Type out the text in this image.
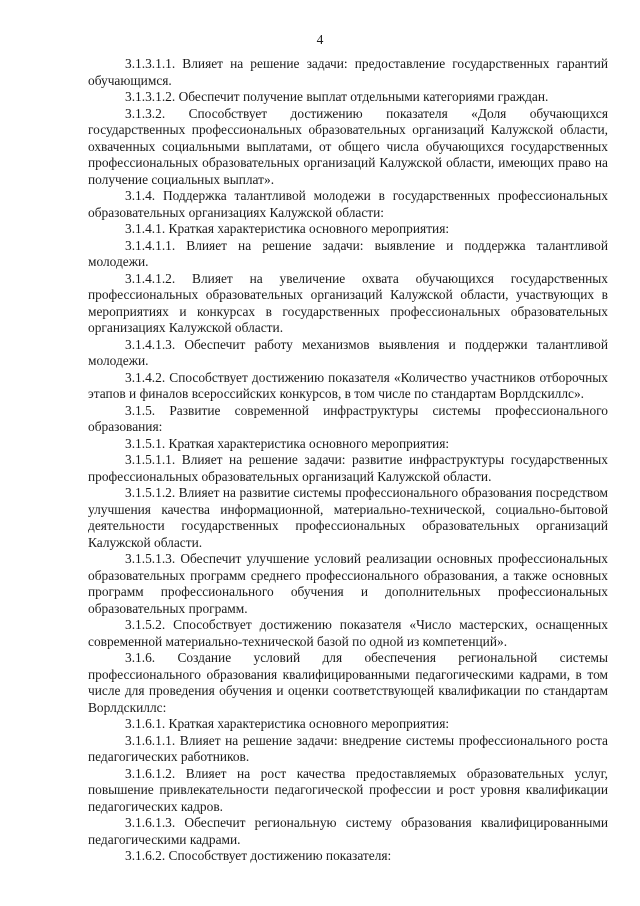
4

3.1.3.1.1. Влияет на решение задачи: предоставление государственных гарантий обучающимся.

3.1.3.1.2. Обеспечит получение выплат отдельными категориями граждан.

3.1.3.2. Способствует достижению показателя «Доля обучающихся государственных профессиональных образовательных организаций Калужской области, охваченных социальными выплатами, от общего числа обучающихся государственных профессиональных образовательных организаций Калужской области, имеющих право на получение социальных выплат».

3.1.4. Поддержка талантливой молодежи в государственных профессиональных образовательных организациях Калужской области:

3.1.4.1. Краткая характеристика основного мероприятия:

3.1.4.1.1. Влияет на решение задачи: выявление и поддержка талантливой молодежи.

3.1.4.1.2. Влияет на увеличение охвата обучающихся государственных профессиональных образовательных организаций Калужской области, участвующих в мероприятиях и конкурсах в государственных профессиональных образовательных организациях Калужской области.

3.1.4.1.3. Обеспечит работу механизмов выявления и поддержки талантливой молодежи.

3.1.4.2. Способствует достижению показателя «Количество участников отборочных этапов и финалов всероссийских конкурсов, в том числе по стандартам Ворлдскиллс».

3.1.5. Развитие современной инфраструктуры системы профессионального образования:

3.1.5.1. Краткая характеристика основного мероприятия:

3.1.5.1.1. Влияет на решение задачи: развитие инфраструктуры государственных профессиональных образовательных организаций Калужской области.

3.1.5.1.2. Влияет на развитие системы профессионального образования посредством улучшения качества информационной, материально-технической, социально-бытовой деятельности государственных профессиональных образовательных организаций Калужской области.

3.1.5.1.3. Обеспечит улучшение условий реализации основных профессиональных образовательных программ среднего профессионального образования, а также основных программ профессионального обучения и дополнительных профессиональных образовательных программ.

3.1.5.2. Способствует достижению показателя «Число мастерских, оснащенных современной материально-технической базой по одной из компетенций».

3.1.6. Создание условий для обеспечения региональной системы профессионального образования квалифицированными педагогическими кадрами, в том числе для проведения обучения и оценки соответствующей квалификации по стандартам Ворлдскиллс:

3.1.6.1. Краткая характеристика основного мероприятия:

3.1.6.1.1. Влияет на решение задачи: внедрение системы профессионального роста педагогических работников.

3.1.6.1.2. Влияет на рост качества предоставляемых образовательных услуг, повышение привлекательности педагогической профессии и рост уровня квалификации педагогических кадров.

3.1.6.1.3. Обеспечит региональную систему образования квалифицированными педагогическими кадрами.

3.1.6.2. Способствует достижению показателя:
